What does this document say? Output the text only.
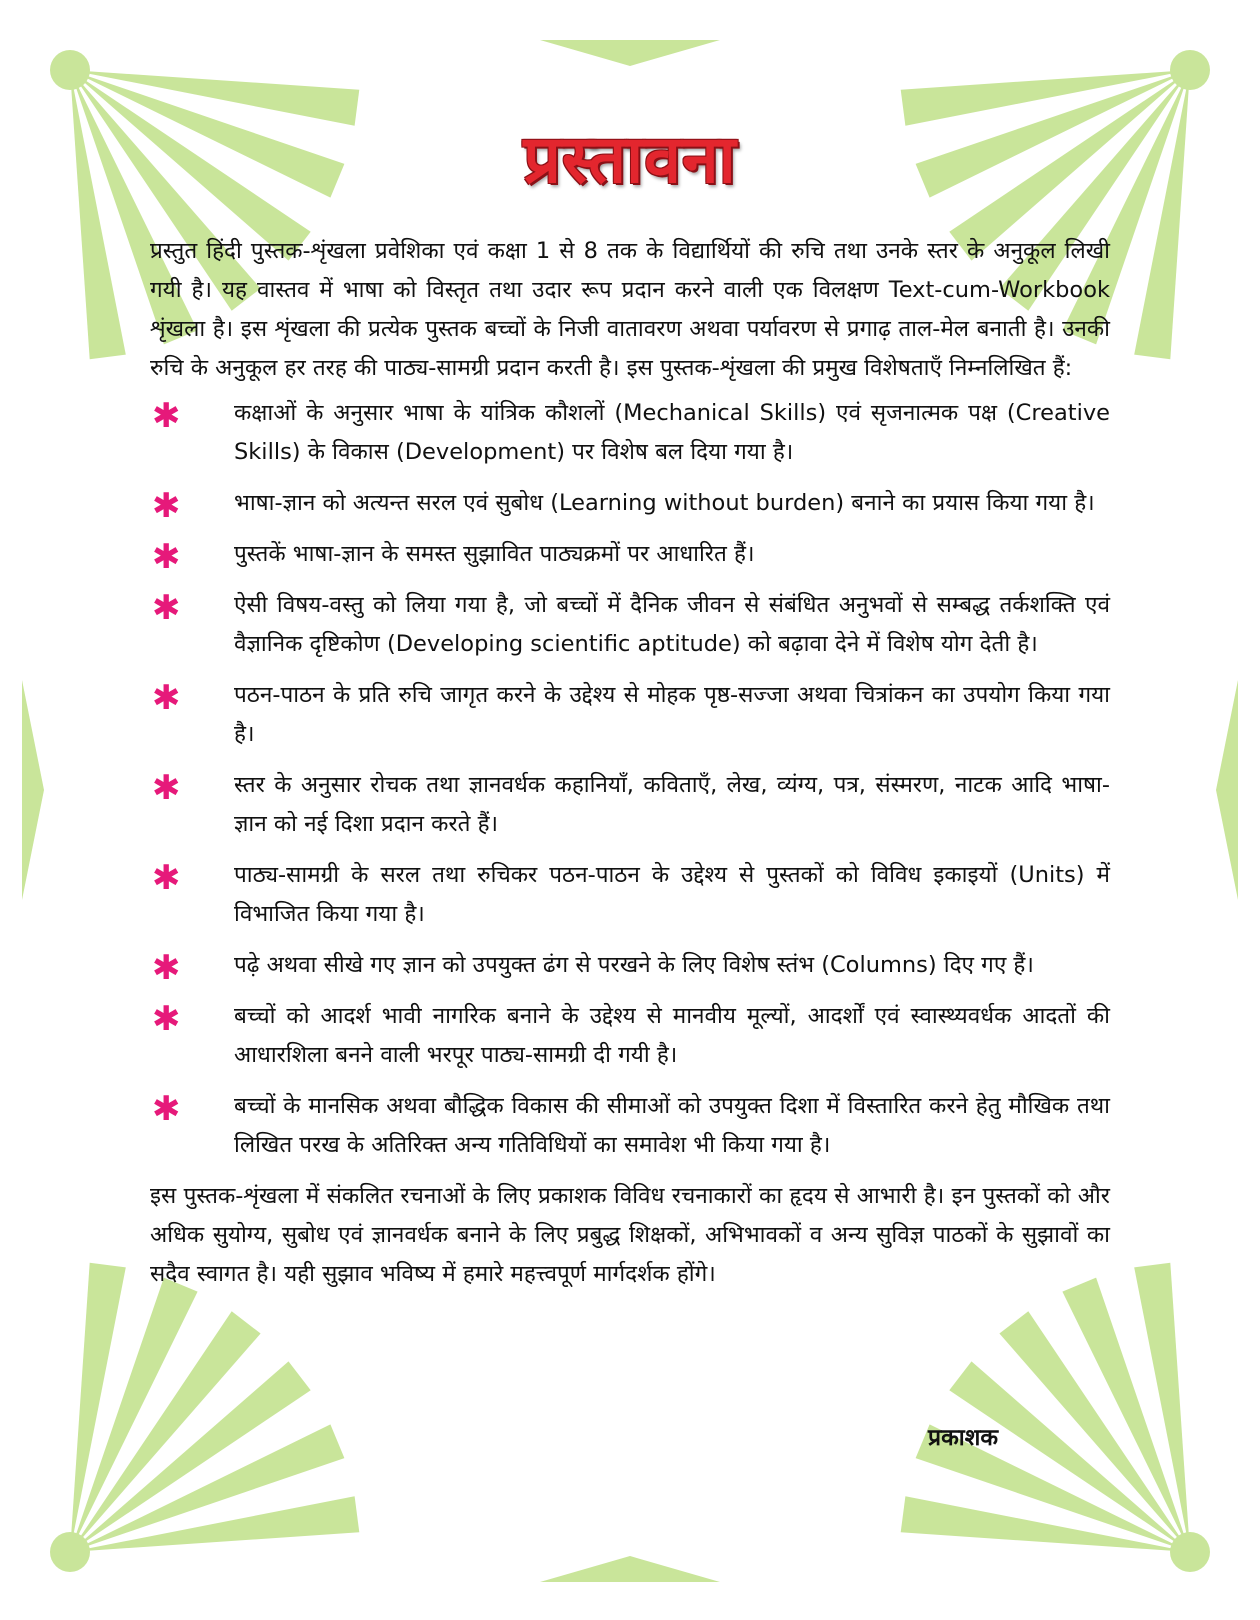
प्रस्तावना

प्रस्तुत हिंदी पुस्तक-शृंखला प्रवेशिका एवं कक्षा 1 से 8 तक के विद्यार्थियों की रुचि तथा उनके स्तर के अनुकूल लिखी गयी है। यह वास्तव में भाषा को विस्तृत तथा उदार रूप प्रदान करने वाली एक विलक्षण Text-cum-Workbook शृंखला है। इस शृंखला की प्रत्येक पुस्तक बच्चों के निजी वातावरण अथवा पर्यावरण से प्रगाढ़ ताल-मेल बनाती है। उनकी रुचि के अनुकूल हर तरह की पाठ्य-सामग्री प्रदान करती है। इस पुस्तक-शृंखला की प्रमुख विशेषताएँ निम्नलिखित हैं:

✱ कक्षाओं के अनुसार भाषा के यांत्रिक कौशलों (Mechanical Skills) एवं सृजनात्मक पक्ष (Creative Skills) के विकास (Development) पर विशेष बल दिया गया है।
✱ भाषा-ज्ञान को अत्यन्त सरल एवं सुबोध (Learning without burden) बनाने का प्रयास किया गया है।
✱ पुस्तकें भाषा-ज्ञान के समस्त सुझावित पाठ्यक्रमों पर आधारित हैं।
✱ ऐसी विषय-वस्तु को लिया गया है, जो बच्चों में दैनिक जीवन से संबंधित अनुभवों से सम्बद्ध तर्कशक्ति एवं वैज्ञानिक दृष्टिकोण (Developing scientific aptitude) को बढ़ावा देने में विशेष योग देती है।
✱ पठन-पाठन के प्रति रुचि जागृत करने के उद्देश्य से मोहक पृष्ठ-सज्जा अथवा चित्रांकन का उपयोग किया गया है।
✱ स्तर के अनुसार रोचक तथा ज्ञानवर्धक कहानियाँ, कविताएँ, लेख, व्यंग्य, पत्र, संस्मरण, नाटक आदि भाषा-ज्ञान को नई दिशा प्रदान करते हैं।
✱ पाठ्य-सामग्री के सरल तथा रुचिकर पठन-पाठन के उद्देश्य से पुस्तकों को विविध इकाइयों (Units) में विभाजित किया गया है।
✱ पढ़े अथवा सीखे गए ज्ञान को उपयुक्त ढंग से परखने के लिए विशेष स्तंभ (Columns) दिए गए हैं।
✱ बच्चों को आदर्श भावी नागरिक बनाने के उद्देश्य से मानवीय मूल्यों, आदर्शों एवं स्वास्थ्यवर्धक आदतों की आधारशिला बनने वाली भरपूर पाठ्य-सामग्री दी गयी है।
✱ बच्चों के मानसिक अथवा बौद्धिक विकास की सीमाओं को उपयुक्त दिशा में विस्तारित करने हेतु मौखिक तथा लिखित परख के अतिरिक्त अन्य गतिविधियों का समावेश भी किया गया है।

इस पुस्तक-शृंखला में संकलित रचनाओं के लिए प्रकाशक विविध रचनाकारों का हृदय से आभारी है। इन पुस्तकों को और अधिक सुयोग्य, सुबोध एवं ज्ञानवर्धक बनाने के लिए प्रबुद्ध शिक्षकों, अभिभावकों व अन्य सुविज्ञ पाठकों के सुझावों का सदैव स्वागत है। यही सुझाव भविष्य में हमारे महत्त्वपूर्ण मार्गदर्शक होंगे।

प्रकाशक
